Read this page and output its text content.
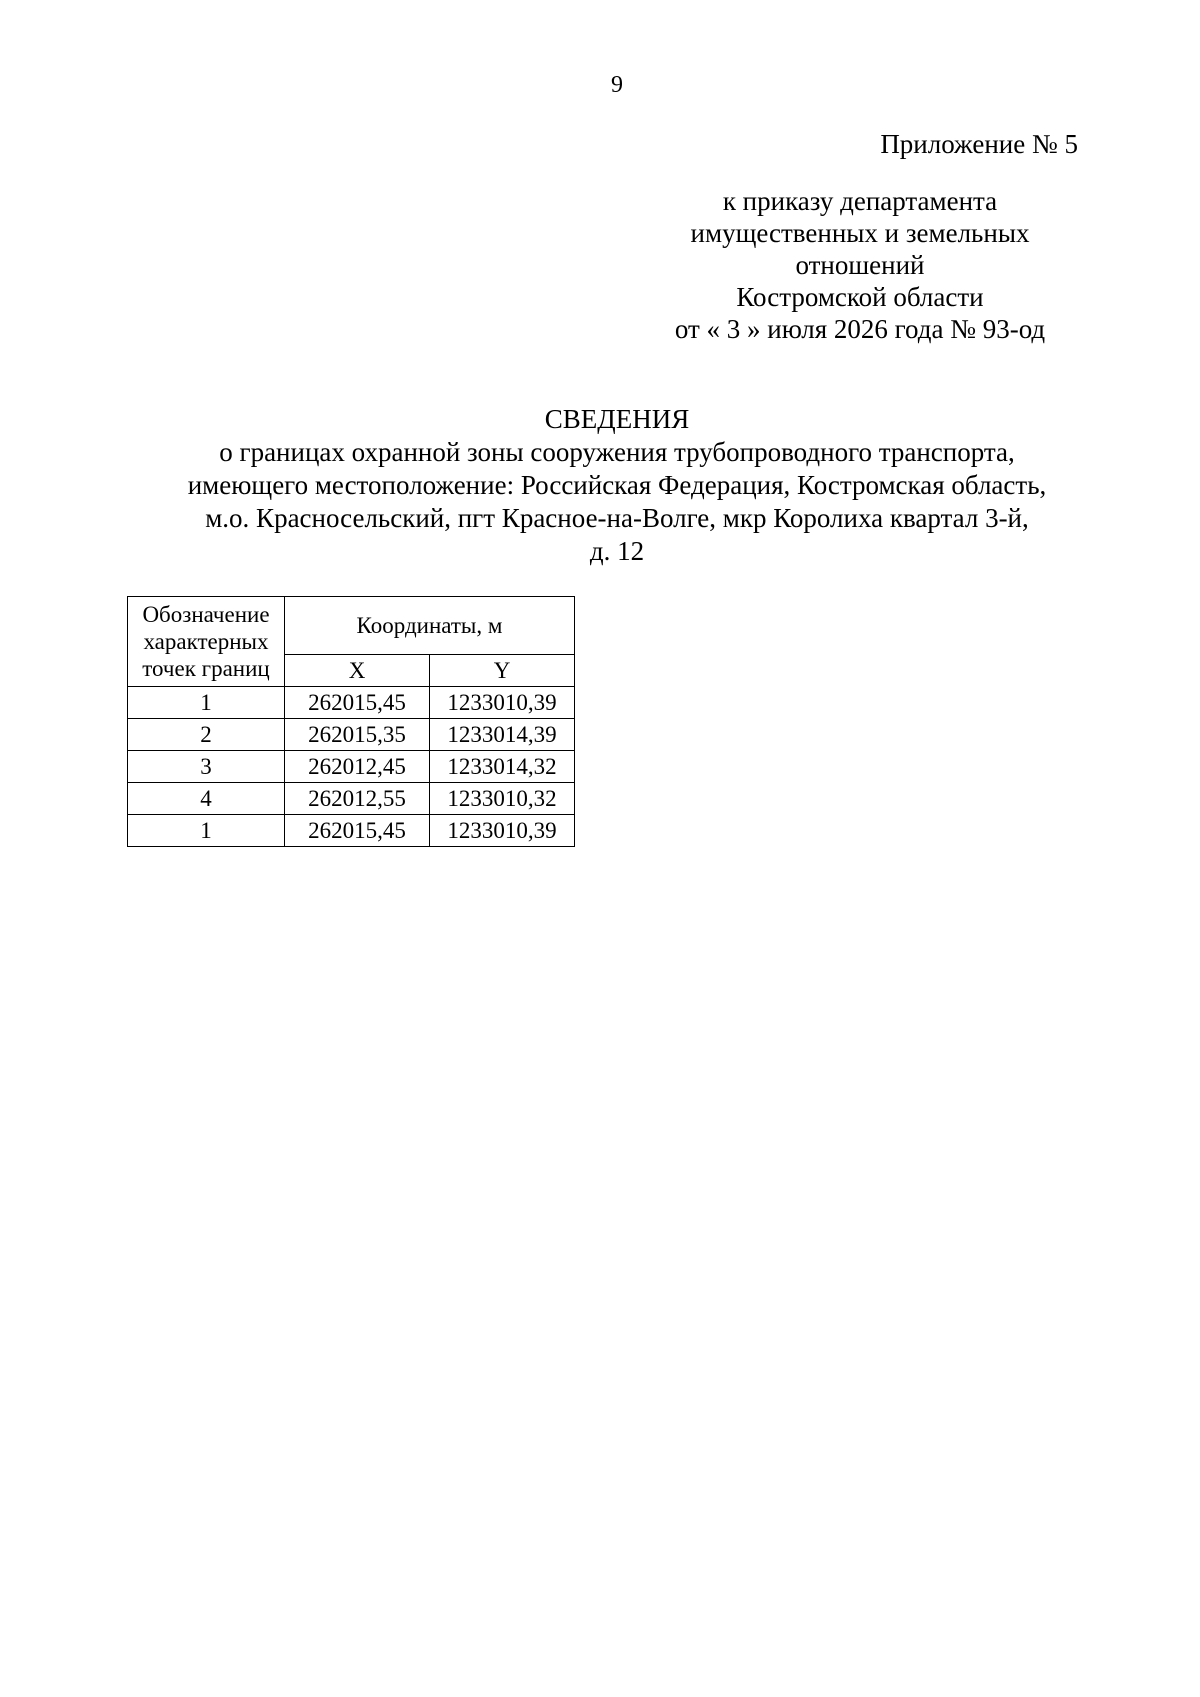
9
Приложение № 5
к приказу департамента
имущественных и земельных
отношений
Костромской области
от « 3 » июля 2026 года № 93-од
СВЕДЕНИЯ
о границах охранной зоны сооружения трубопроводного транспорта,
имеющего местоположение: Российская Федерация, Костромская область,
м.о. Красносельский, пгт Красное-на-Волге, мкр Королиха квартал 3-й,
д. 12
Обозначение
характерных
точек границ	Координаты, м	
	X	Y
1	262015,45	1233010,39
2	262015,35	1233014,39
3	262012,45	1233014,32
4	262012,55	1233010,32
1	262015,45	1233010,39
